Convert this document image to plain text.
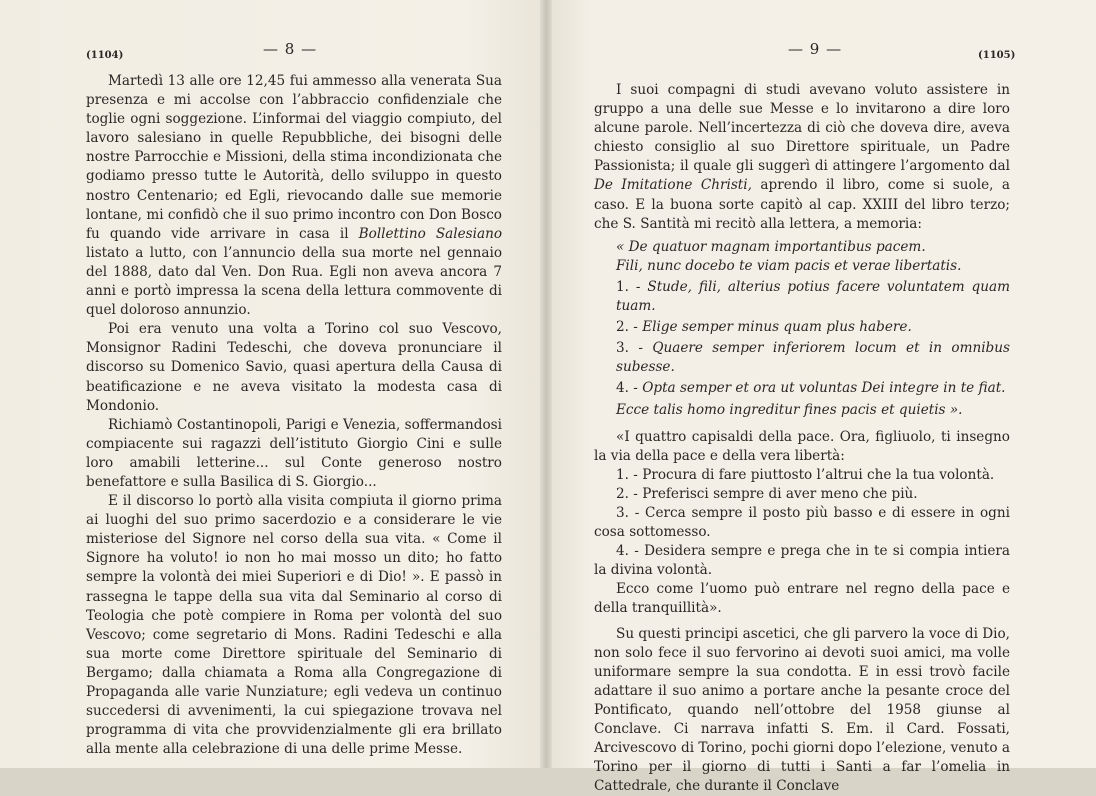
(1104)	— 8 —

Martedì 13 alle ore 12,45 fui ammesso alla venerata Sua presenza e mi accolse con l’abbraccio confidenziale che toglie ogni soggezione. L’informai del viaggio compiuto, del lavoro salesiano in quelle Repubbliche, dei bisogni delle nostre Parrocchie e Missioni, della stima incondizionata che godiamo presso tutte le Autorità, dello sviluppo in questo nostro Centenario; ed Egli, rievocando dalle sue memorie lontane, mi confidò che il suo primo incontro con Don Bosco fu quando vide arrivare in casa il Bollettino Salesiano listato a lutto, con l’annuncio della sua morte nel gennaio del 1888, dato dal Ven. Don Rua. Egli non aveva ancora 7 anni e portò impressa la scena della lettura commovente di quel doloroso annunzio.

Poi era venuto una volta a Torino col suo Vescovo, Monsignor Radini Tedeschi, che doveva pronunciare il discorso su Domenico Savio, quasi apertura della Causa di beatificazione e ne aveva visitato la modesta casa di Mondonio.

Richiamò Costantinopoli, Parigi e Venezia, soffermandosi compiacente sui ragazzi dell’istituto Giorgio Cini e sulle loro amabili letterine... sul Conte generoso nostro benefattore e sulla Basilica di S. Giorgio...

E il discorso lo portò alla visita compiuta il giorno prima ai luoghi del suo primo sacerdozio e a considerare le vie misteriose del Signore nel corso della sua vita. « Come il Signore ha voluto! io non ho mai mosso un dito; ho fatto sempre la volontà dei miei Superiori e di Dio! ». E passò in rassegna le tappe della sua vita dal Seminario al corso di Teologia che potè compiere in Roma per volontà del suo Vescovo; come segretario di Mons. Radini Tedeschi e alla sua morte come Direttore spirituale del Seminario di Bergamo; dalla chiamata a Roma alla Congregazione di Propaganda alle varie Nunziature; egli vedeva un continuo succedersi di avvenimenti, la cui spiegazione trovava nel programma di vita che provvidenzialmente gli era brillato alla mente alla celebrazione di una delle prime Messe.

— 9 —	(1105)

I suoi compagni di studi avevano voluto assistere in gruppo a una delle sue Messe e lo invitarono a dire loro alcune parole. Nell’incertezza di ciò che doveva dire, aveva chiesto consiglio al suo Direttore spirituale, un Padre Passionista; il quale gli suggerì di attingere l’argomento dal De Imitatione Christi, aprendo il libro, come si suole, a caso. E la buona sorte capitò al cap. XXIII del libro terzo; che S. Santità mi recitò alla lettera, a memoria:

« De quatuor magnam importantibus pacem.
Fili, nunc docebo te viam pacis et verae libertatis.
1. - Stude, fili, alterius potius facere voluntatem quam tuam.
2. - Elige semper minus quam plus habere.
3. - Quaere semper inferiorem locum et in omnibus subesse.
4. - Opta semper et ora ut voluntas Dei integre in te fiat.
Ecce talis homo ingreditur fines pacis et quietis ».

«I quattro capisaldi della pace. Ora, figliuolo, ti insegno la via della pace e della vera libertà:

1. - Procura di fare piuttosto l’altrui che la tua volontà.
2. - Preferisci sempre di aver meno che più.
3. - Cerca sempre il posto più basso e di essere in ogni cosa sottomesso.
4. - Desidera sempre e prega che in te si compia intiera la divina volontà.

Ecco come l’uomo può entrare nel regno della pace e della tranquillità».

Su questi principi ascetici, che gli parvero la voce di Dio, non solo fece il suo fervorino ai devoti suoi amici, ma volle uniformare sempre la sua condotta. E in essi trovò facile adattare il suo animo a portare anche la pesante croce del Pontificato, quando nell’ottobre del 1958 giunse al Conclave. Ci narrava infatti S. Em. il Card. Fossati, Arcivescovo di Torino, pochi giorni dopo l’elezione, venuto a Torino per il giorno di tutti i Santi a far l’omelia in Cattedrale, che durante il Conclave
